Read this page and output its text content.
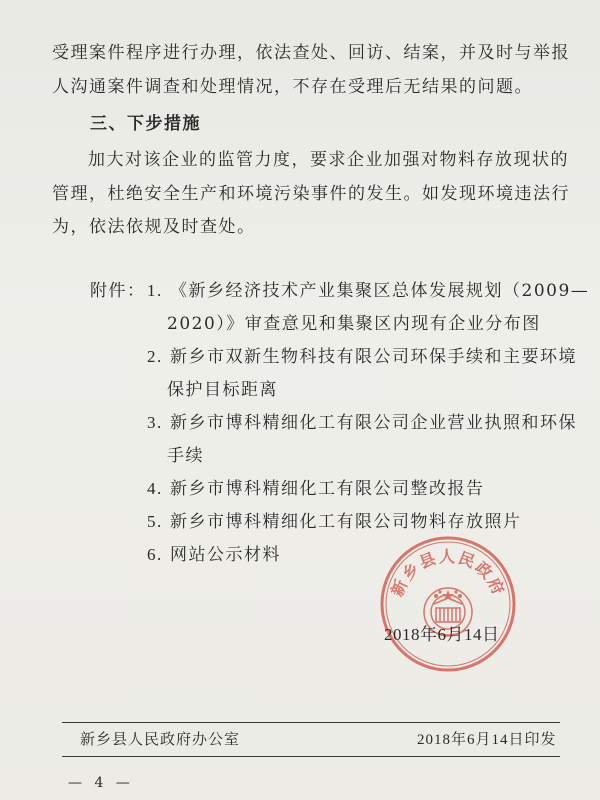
受理案件程序进行办理，依法查处、回访、结案，并及时与举报
人沟通案件调查和处理情况，不存在受理后无结果的问题。
三、下步措施
加大对该企业的监管力度，要求企业加强对物料存放现状的
管理，杜绝安全生产和环境污染事件的发生。如发现环境违法行
为，依法依规及时查处。
附件： 1. 《新乡经济技术产业集聚区总体发展规划（2009—
2020）》审查意见和集聚区内现有企业分布图
2. 新乡市双新生物科技有限公司环保手续和主要环境
保护目标距离
3. 新乡市博科精细化工有限公司企业营业执照和环保
手续
4. 新乡市博科精细化工有限公司整改报告
5. 新乡市博科精细化工有限公司物料存放照片
6. 网站公示材料
新乡县人民政府
2018年6月14日
新乡县人民政府办公室	2018年6月14日印发
— 4 —
